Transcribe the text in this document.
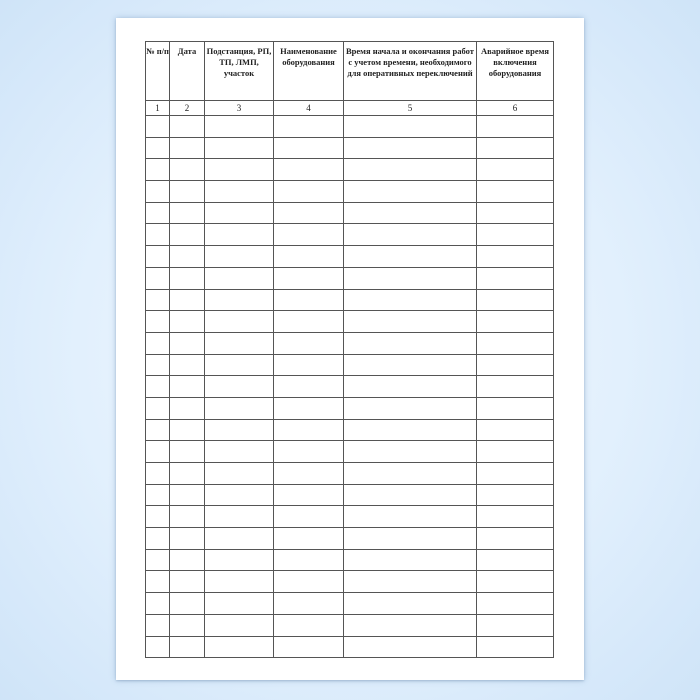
№ п/п	Дата	Подстанция, РП, ТП, ЛМП, участок	Наименование оборудования	Время начала и окончания работ с учетом времени, необходимого для оперативных переключений	Аварийное время включения оборудования
1	2	3	4	5	6
